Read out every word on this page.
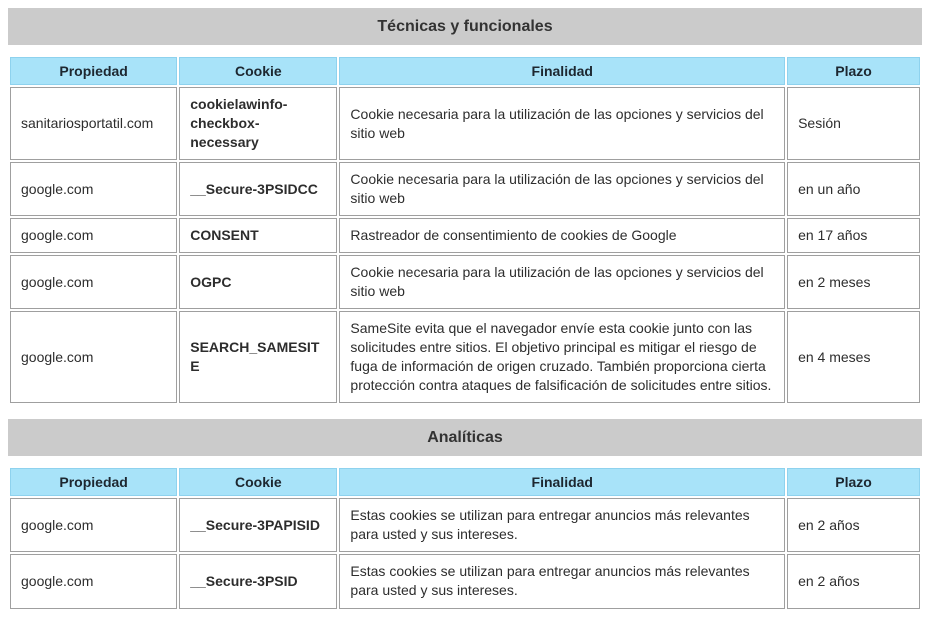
Técnicas y funcionales
Propiedad	Cookie	Finalidad	Plazo
sanitariosportatil.com	cookielawinfo-checkbox-necessary	Cookie necesaria para la utilización de las opciones y servicios del sitio web	Sesión
google.com	__Secure-3PSIDCC	Cookie necesaria para la utilización de las opciones y servicios del sitio web	en un año
google.com	CONSENT	Rastreador de consentimiento de cookies de Google	en 17 años
google.com	OGPC	Cookie necesaria para la utilización de las opciones y servicios del sitio web	en 2 meses
google.com	SEARCH_SAMESITE	SameSite evita que el navegador envíe esta cookie junto con las solicitudes entre sitios. El objetivo principal es mitigar el riesgo de fuga de información de origen cruzado. También proporciona cierta protección contra ataques de falsificación de solicitudes entre sitios.	en 4 meses
Analíticas
Propiedad	Cookie	Finalidad	Plazo
google.com	__Secure-3PAPISID	Estas cookies se utilizan para entregar anuncios más relevantes para usted y sus intereses.	en 2 años
google.com	__Secure-3PSID	Estas cookies se utilizan para entregar anuncios más relevantes para usted y sus intereses.	en 2 años
